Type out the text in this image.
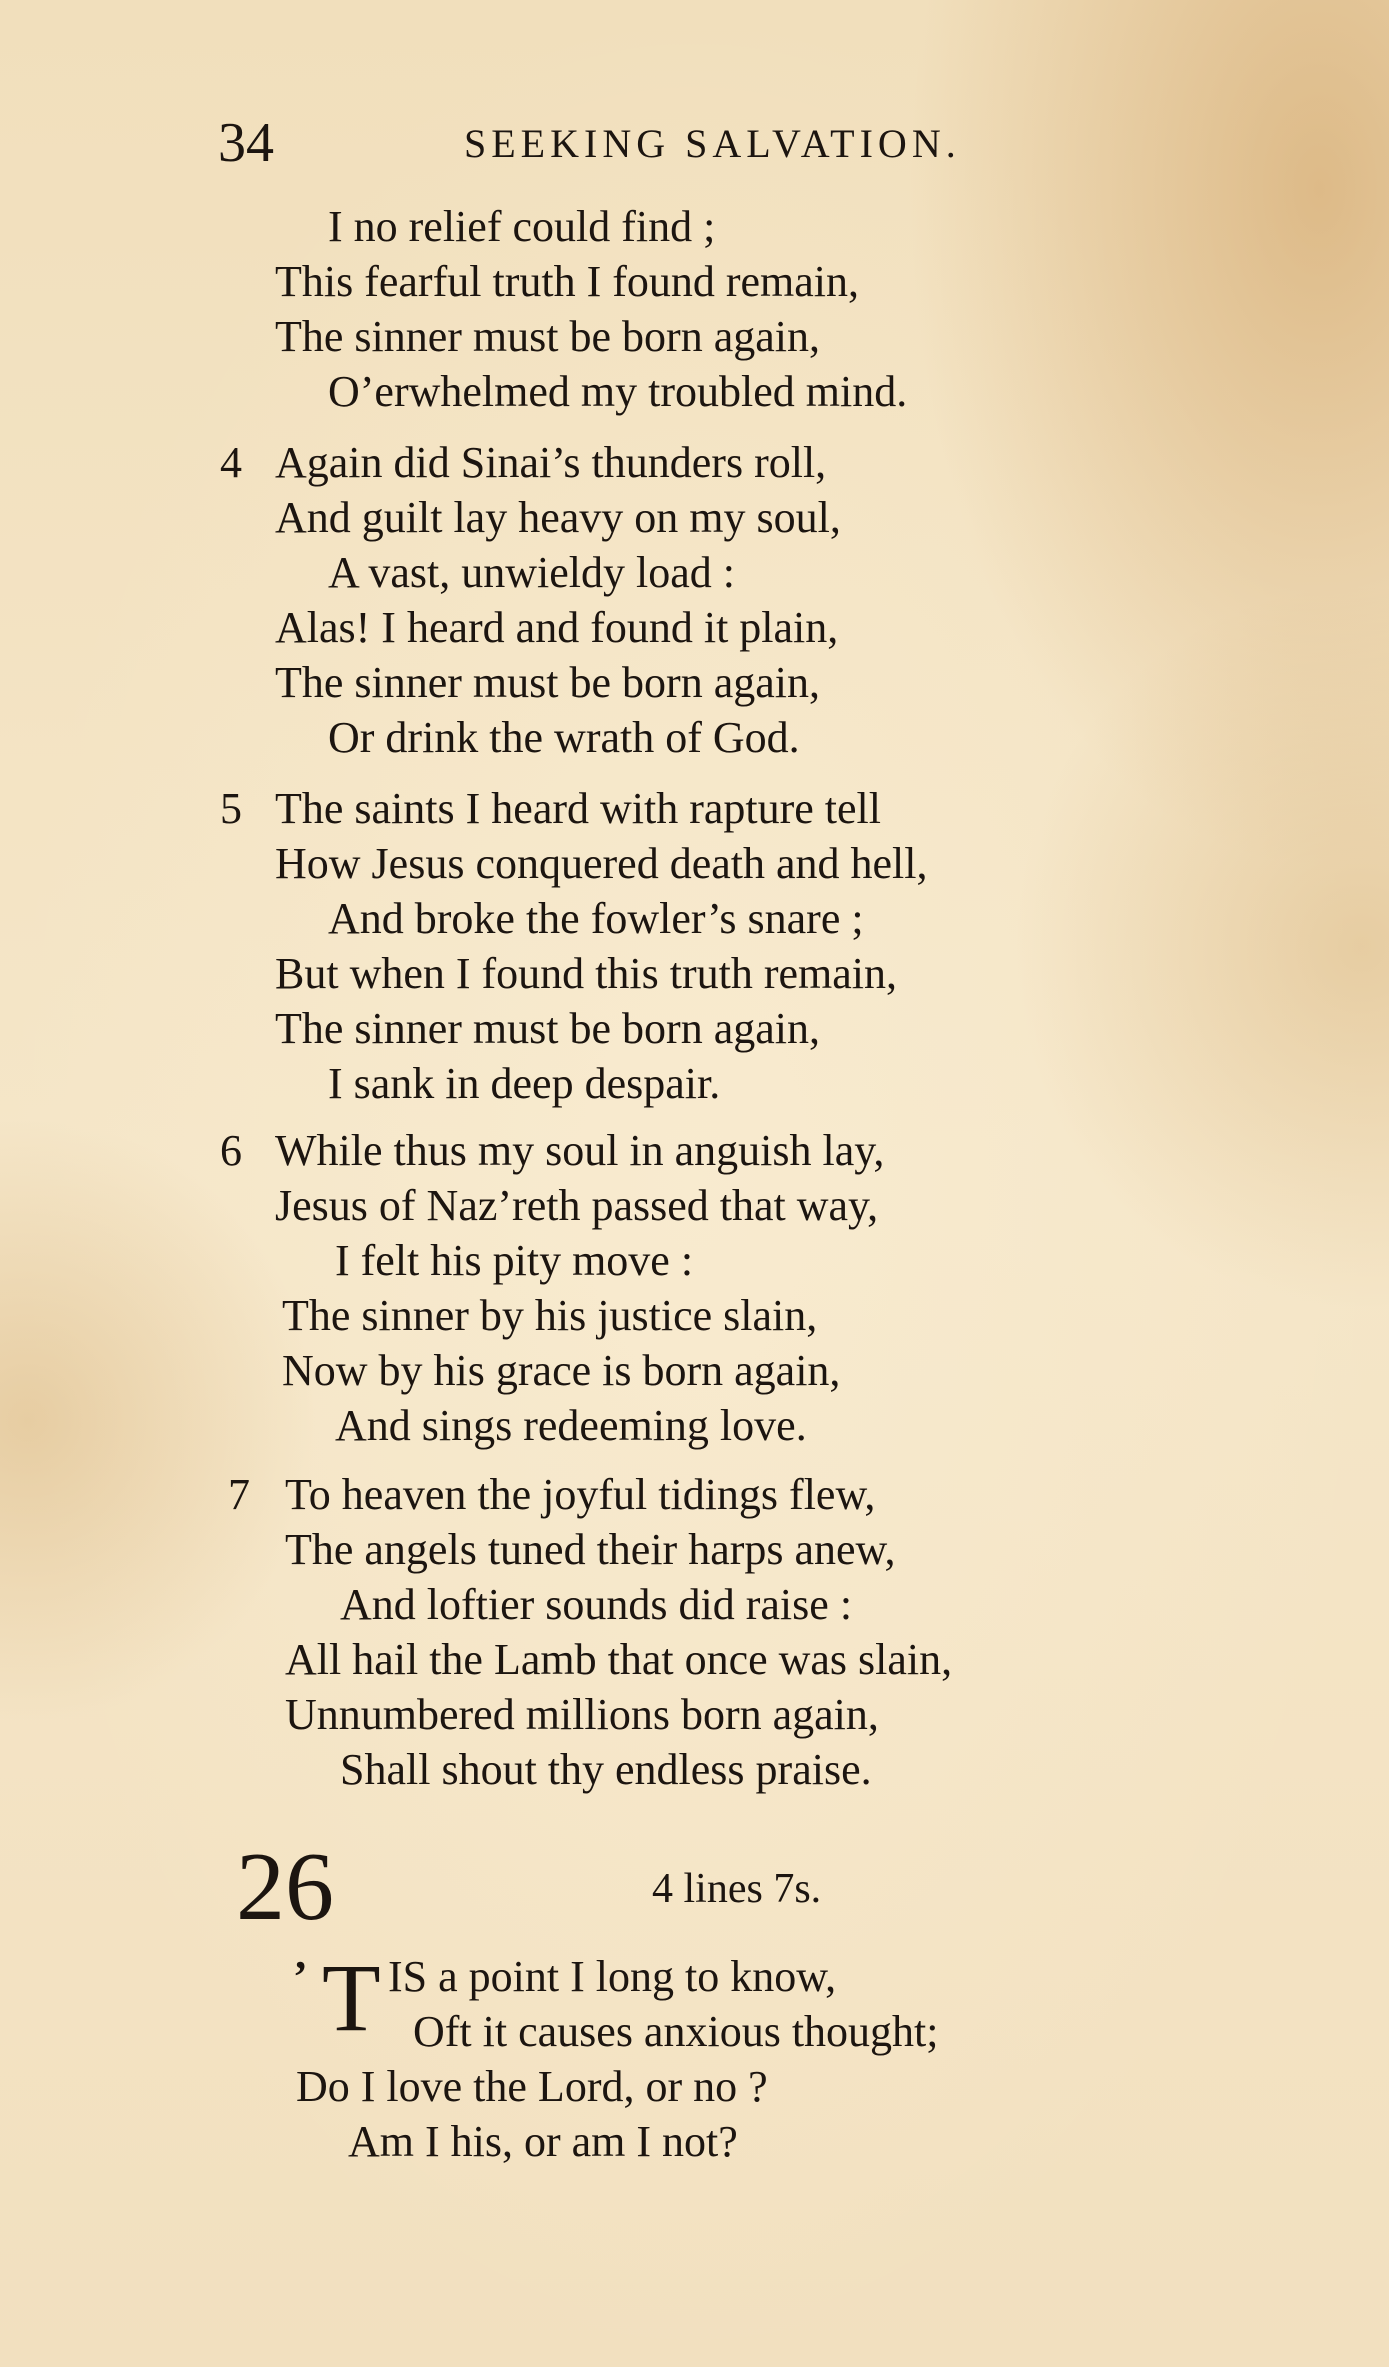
34	SEEKING SALVATION.
I no relief could find ;
This fearful truth I found remain,
The sinner must be born again,
O’erwhelmed my troubled mind.
4 Again did Sinai’s thunders roll,
And guilt lay heavy on my soul,
A vast, unwieldy load :
Alas! I heard and found it plain,
The sinner must be born again,
Or drink the wrath of God.
5 The saints I heard with rapture tell
How Jesus conquered death and hell,
And broke the fowler’s snare ;
But when I found this truth remain,
The sinner must be born again,
I sank in deep despair.
6 While thus my soul in anguish lay,
Jesus of Naz’reth passed that way,
I felt his pity move :
The sinner by his justice slain,
Now by his grace is born again,
And sings redeeming love.
7 To heaven the joyful tidings flew,
The angels tuned their harps anew,
And loftier sounds did raise :
All hail the Lamb that once was slain,
Unnumbered millions born again,
Shall shout thy endless praise.
26	4 lines 7s.
’ T IS a point I long to know,
Oft it causes anxious thought;
Do I love the Lord, or no ?
Am I his, or am I not?
